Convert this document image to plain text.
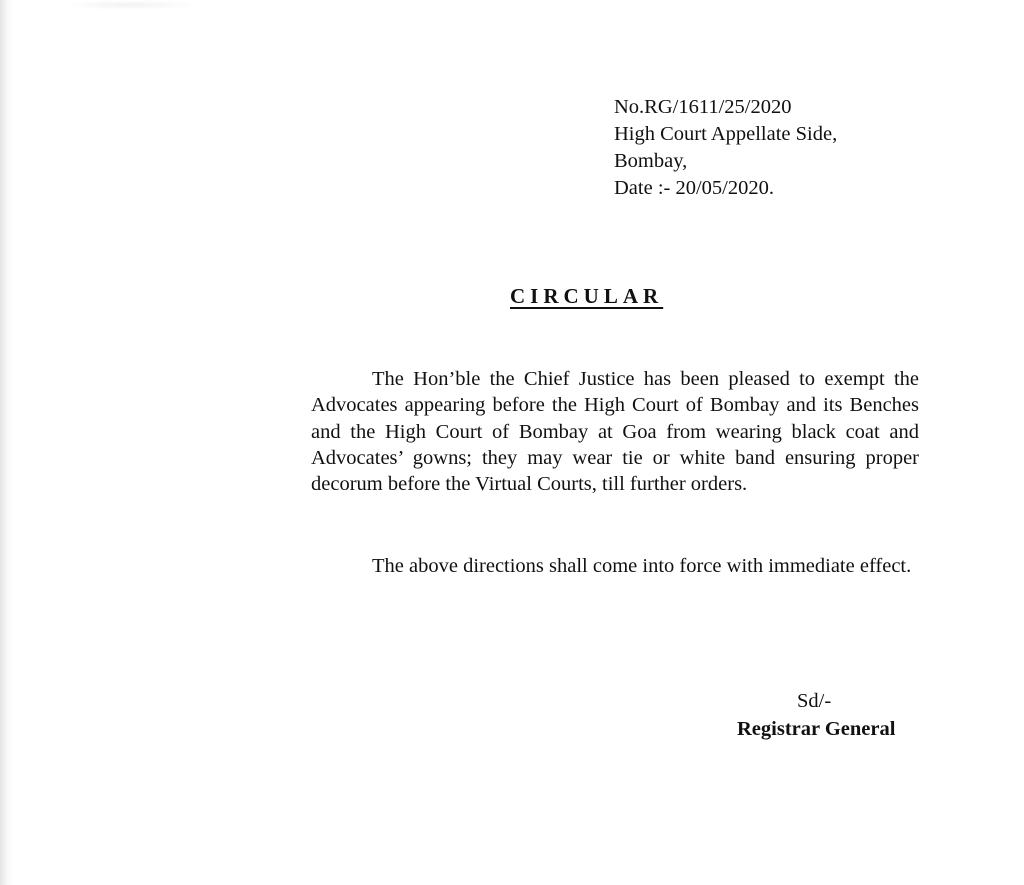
No.RG/1611/25/2020
High Court Appellate Side,
Bombay,
Date :- 20/05/2020.
CIRCULAR

The Hon’ble the Chief Justice has been pleased to exempt the Advocates appearing before the High Court of Bombay and its Benches and the High Court of Bombay at Goa from wearing black coat and Advocates’ gowns; they may wear tie or white band ensuring proper decorum before the Virtual Courts, till further orders.

The above directions shall come into force with immediate effect.

Sd/-
Registrar General
